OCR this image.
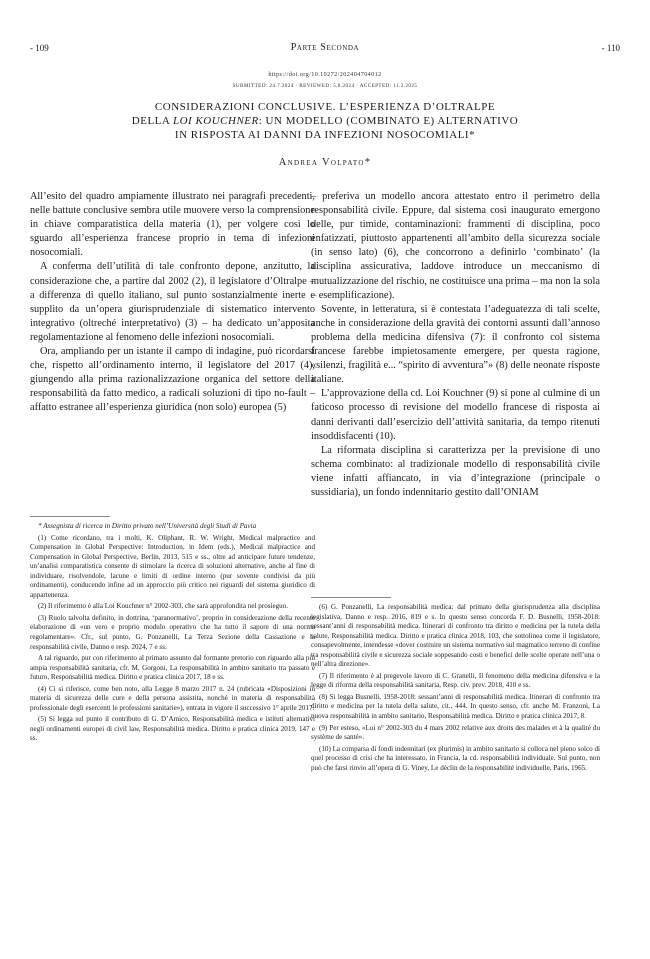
- 109	Parte Seconda	- 110
https://doi.org/10.19272/202404704012
SUBMITTED: 24.7.2024 · REVIEWED: 5.8.2024 · ACCEPTED: 11.2.2025
CONSIDERAZIONI CONCLUSIVE. L’ESPERIENZA D’OLTRALPE
DELLA LOI KOUCHNER: UN MODELLO (COMBINATO E) ALTERNATIVO
IN RISPOSTA AI DANNI DA INFEZIONI NOSOCOMIALI*
Andrea Volpato*

All’esito del quadro ampiamente illustrato nei paragrafi precedenti, nelle battute conclusive sembra utile muovere verso la comprensione in chiave comparatistica della materia (1), per volgere così lo sguardo all’esperienza francese proprio in tema di infezioni nosocomiali.

A conferma dell’utilità di tale confronto depone, anzitutto, la considerazione che, a partire dal 2002 (2), il legislatore d’Oltralpe – a differenza di quello italiano, sul punto sostanzialmente inerte e supplito da un’opera giurisprudenziale di sistematico intervento integrativo (oltreché interpretativo) (3) – ha dedicato un’apposita regolamentazione al fenomeno delle infezioni nosocomiali.

Ora, ampliando per un istante il campo di indagine, può ricordarsi che, rispetto all’ordinamento interno, il legislatore del 2017 (4), giungendo alla prima razionalizzazione organica del settore della responsabilità da fatto medico, a radicali soluzioni di tipo no-fault – affatto estranee all’esperienza giuridica (non solo) europea (5)

– preferiva un modello ancora attestato entro il perimetro della responsabilità civile. Eppure, dal sistema così inaugurato emergono delle, pur timide, contaminazioni: frammenti di disciplina, poco enfatizzati, piuttosto appartenenti all’ambito della sicurezza sociale (in senso lato) (6), che concorrono a definirlo ‘combinato’ (la disciplina assicurativa, laddove introduce un meccanismo di mutualizzazione del rischio, ne costituisce una prima – ma non la sola – esemplificazione).

Sovente, in letteratura, si è contestata l’adeguatezza di tali scelte, anche in considerazione della gravità dei contorni assunti dall’annoso problema della medicina difensiva (7): il confronto col sistema francese farebbe impietosamente emergere, per questa ragione, «silenzi, fragilità e... “spirito di avventura”» (8) delle neonate risposte italiane.

L’approvazione della cd. Loi Kouchner (9) si pone al culmine di un faticoso processo di revisione del modello francese di risposta ai danni derivanti dall’esercizio dell’attività sanitaria, da tempo ritenuti insoddisfacenti (10).

La riformata disciplina si caratterizza per la previsione di uno schema combinato: al tradizionale modello di responsabilità civile viene infatti affiancato, in via d’integrazione (principale o sussidiaria), un fondo indennitario gestito dall’ONIAM

* Assegnista di ricerca in Diritto privato nell’Università degli Studi di Pavia

(1) Come ricordano, tra i molti, K. Oliphant, R. W. Wright, Medical malpractice and Compensation in Global Perspective: Introduction, in Idem (eds.), Medical malpractice and Compensation in Global Perspective, Berlin, 2013, 515 e ss., oltre ad anticipare future tendenze, un’analisi comparatistica consente di stimolare la ricerca di soluzioni alternative, anche al fine di individuare, risolvendole, lacune e limiti di ordine interno (pur sovente condivisi da più ordinamenti), conducendo infine ad un approccio più critico nei riguardi del sistema giuridico di appartenenza.

(2) Il riferimento è alla Loi Kouchner n° 2002-303, che sarà approfondita nel prosieguo.

(3) Ruolo talvolta definito, in dottrina, ‘paranormativo’, proprio in considerazione della recente elaborazione di «un vero e proprio modulo operativo che ha tutto il sapore di una norma regolamentare». Cfr., sul punto, G. Ponzanelli, La Terza Sezione della Cassazione e la responsabilità civile, Danno e resp. 2024, 7 e ss.

A tal riguardo, pur con riferimento al primato assunto dal formante pretorio con riguardo alla più ampia responsabilità sanitaria, cfr. M. Gorgoni, La responsabilità in ambito sanitario tra passato e futuro, Responsabilità medica. Diritto e pratica clinica 2017, 18 e ss.

(4) Ci si riferisce, come ben noto, alla Legge 8 marzo 2017 n. 24 (rubricata «Disposizioni in materia di sicurezza delle cure e della persona assistita, nonché in materia di responsabilità professionale degli esercenti le professioni sanitarie»), entrata in vigore il successivo 1° aprile 2017.

(5) Si legga sul punto il contributo di G. D’Amico, Responsabilità medica e istituti alternativi negli ordinamenti europei di civil law, Responsabilità medica. Diritto e pratica clinica 2019, 147 e ss.

(6) G. Ponzanelli, La responsabilità medica: dal primato della giurisprudenza alla disciplina legislativa, Danno e resp. 2016, 819 e s. In questo senso concorda F. D. Busnelli, 1958-2018: sessant’anni di responsabilità medica. Itinerari di confronto tra diritto e medicina per la tutela della salute, Responsabilità medica. Diritto e pratica clinica 2018, 103, che sottolinea come il legislatore, consapevolmente, intendesse «dover costruire un sistema normativo sul magmatico terreno di confine tra responsabilità civile e sicurezza sociale soppesando costi e benefici delle scelte operate nell’una o nell’altra direzione».

(7) Il riferimento è al pregevole lavoro di C. Granelli, Il fenomeno della medicina difensiva e la legge di riforma della responsabilità sanitaria, Resp. civ. prev. 2018, 410 e ss.

(8) Si legga Busnelli, 1958-2018: sessant’anni di responsabilità medica. Itinerari di confronto tra diritto e medicina per la tutela della salute, cit., 444. In questo senso, cfr. anche M. Franzoni, La nuova responsabilità in ambito sanitario, Responsabilità medica. Diritto e pratica clinica 2017, 8.

(9) Per esteso, «Loi n° 2002-303 du 4 mars 2002 relative aux droits des malades et à la qualité du système de santé».

(10) La comparsa di fondi indennitari (ex plurimis) in ambito sanitario si colloca nel pieno solco di quel processo di crisi che ha interessato, in Francia, la cd. responsabilità individuale. Sul punto, non può che farsi rinvio all’opera di G. Viney, Le déclin de la responsabilité individuelle, Paris, 1965.
